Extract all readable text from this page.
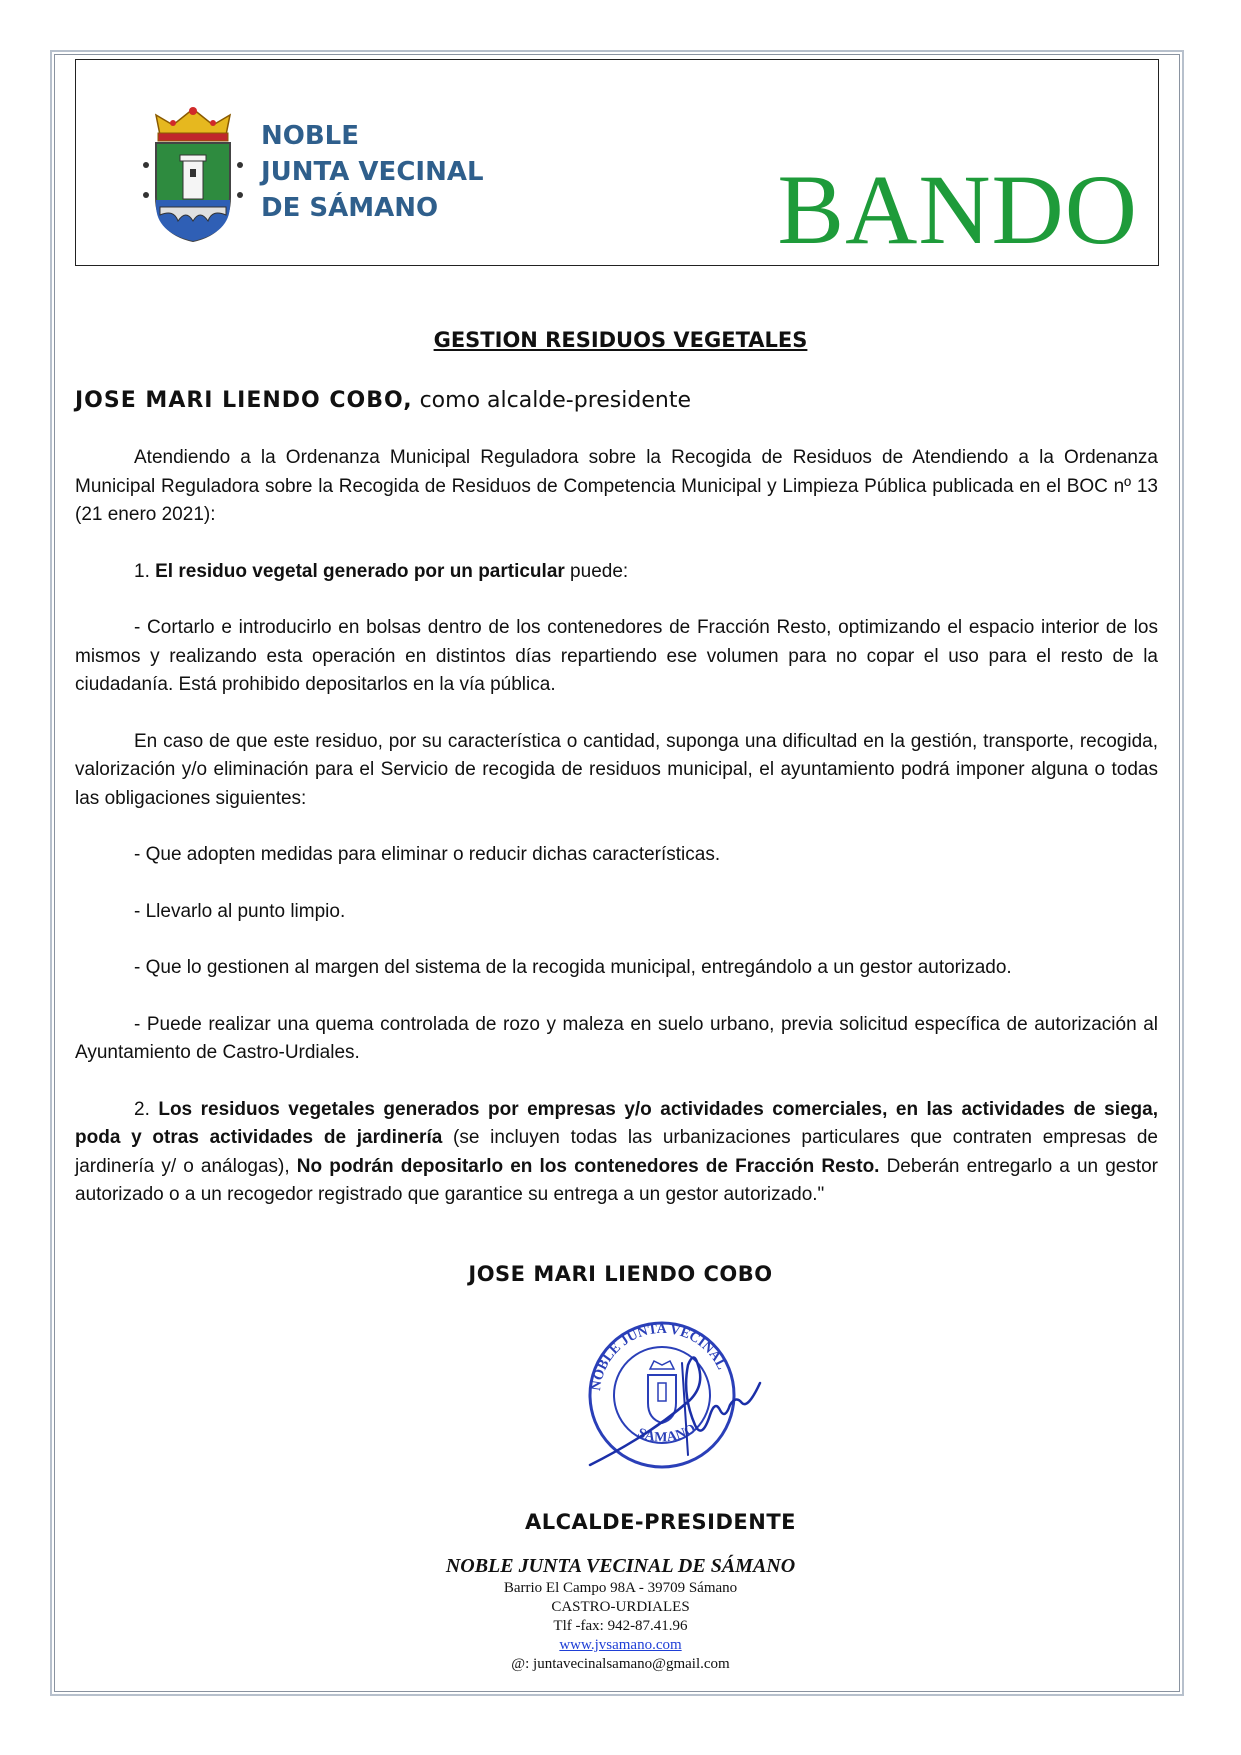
NOBLE
JUNTA VECINAL
DE SÁMANO	BANDO
GESTION RESIDUOS VEGETALES
JOSE MARI LIENDO COBO, como alcalde-presidente

Atendiendo a la Ordenanza Municipal Reguladora sobre la Recogida de Residuos de Atendiendo a la Ordenanza Municipal Reguladora sobre la Recogida de Residuos de Competencia Municipal y Limpieza Pública publicada en el BOC nº 13 (21 enero 2021):

1. El residuo vegetal generado por un particular puede:

- Cortarlo e introducirlo en bolsas dentro de los contenedores de Fracción Resto, optimizando el espacio interior de los mismos y realizando esta operación en distintos días repartiendo ese volumen para no copar el uso para el resto de la ciudadanía. Está prohibido depositarlos en la vía pública.

En caso de que este residuo, por su característica o cantidad, suponga una dificultad en la gestión, transporte, recogida, valorización y/o eliminación para el Servicio de recogida de residuos municipal, el ayuntamiento podrá imponer alguna o todas las obligaciones siguientes:

- Que adopten medidas para eliminar o reducir dichas características.

- Llevarlo al punto limpio.

- Que lo gestionen al margen del sistema de la recogida municipal, entregándolo a un gestor autorizado.

- Puede realizar una quema controlada de rozo y maleza en suelo urbano, previa solicitud específica de autorización al Ayuntamiento de Castro-Urdiales.

2. Los residuos vegetales generados por empresas y/o actividades comerciales, en las actividades de siega, poda y otras actividades de jardinería (se incluyen todas las urbanizaciones particulares que contraten empresas de jardinería y/ o análogas), No podrán depositarlo en los contenedores de Fracción Resto. Deberán entregarlo a un gestor autorizado o a un recogedor registrado que garantice su entrega a un gestor autorizado."

JOSE MARI LIENDO COBO
NOBLE JUNTA VECINAL
SÁMANO
ALCALDE-PRESIDENTE
NOBLE JUNTA VECINAL DE SÁMANO
Barrio El Campo 98A - 39709 Sámano
CASTRO-URDIALES
Tlf -fax: 942-87.41.96
www.jvsamano.com
@: juntavecinalsamano@gmail.com
